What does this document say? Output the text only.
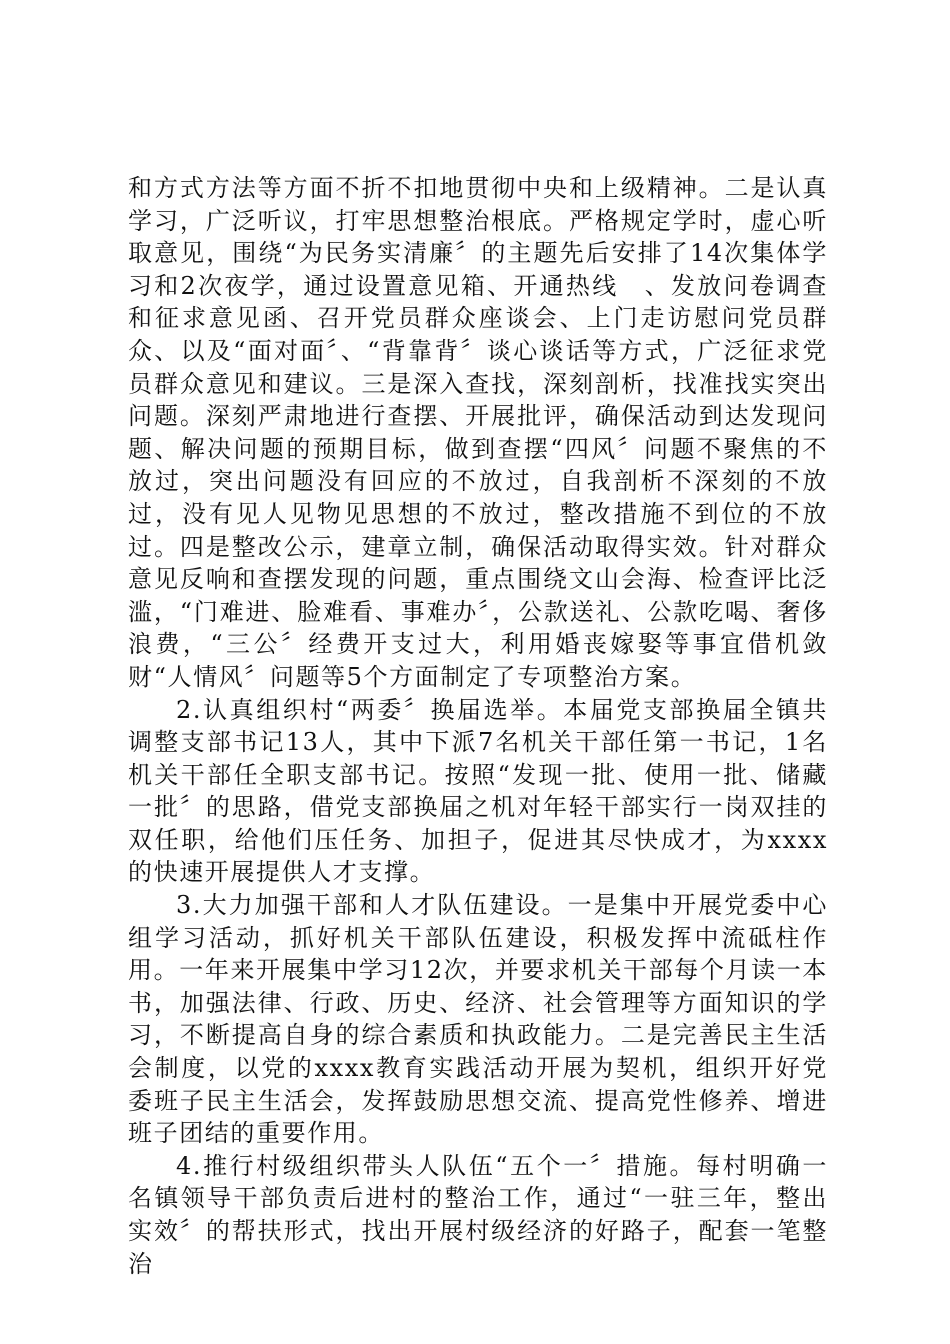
和方式方法等方面不折不扣地贯彻中央和上级精神。二是认真学习，广泛听议，打牢思想整治根底。严格规定学时，虚心听取意见，围绕“为民务实清廉〞的主题先后安排了14次集体学习和2次夜学，通过设置意见箱、开通热线　、发放问卷调查和征求意见函、召开党员群众座谈会、上门走访慰问党员群众、以及“面对面〞、“背靠背〞谈心谈话等方式，广泛征求党员群众意见和建议。三是深入查找，深刻剖析，找准找实突出问题。深刻严肃地进行查摆、开展批评，确保活动到达发现问题、解决问题的预期目标，做到查摆“四风〞问题不聚焦的不放过，突出问题没有回应的不放过，自我剖析不深刻的不放过，没有见人见物见思想的不放过，整改措施不到位的不放过。四是整改公示，建章立制，确保活动取得实效。针对群众意见反响和查摆发现的问题，重点围绕文山会海、检查评比泛滥，“门难进、脸难看、事难办〞，公款送礼、公款吃喝、奢侈浪费，“三公〞经费开支过大，利用婚丧嫁娶等事宜借机敛财“人情风〞问题等5个方面制定了专项整治方案。

2.认真组织村“两委〞换届选举。本届党支部换届全镇共调整支部书记13人，其中下派7名机关干部任第一书记，1名机关干部任全职支部书记。按照“发现一批、使用一批、储藏一批〞的思路，借党支部换届之机对年轻干部实行一岗双挂的双任职，给他们压任务、加担子，促进其尽快成才，为xxxx的快速开展提供人才支撑。

3.大力加强干部和人才队伍建设。一是集中开展党委中心组学习活动，抓好机关干部队伍建设，积极发挥中流砥柱作用。一年来开展集中学习12次，并要求机关干部每个月读一本书，加强法律、行政、历史、经济、社会管理等方面知识的学习，不断提高自身的综合素质和执政能力。二是完善民主生活会制度，以党的xxxx教育实践活动开展为契机，组织开好党委班子民主生活会，发挥鼓励思想交流、提高党性修养、增进班子团结的重要作用。

4.推行村级组织带头人队伍“五个一〞措施。每村明确一名镇领导干部负责后进村的整治工作，通过“一驻三年，整出实效〞的帮扶形式，找出开展村级经济的好路子，配套一笔整治
